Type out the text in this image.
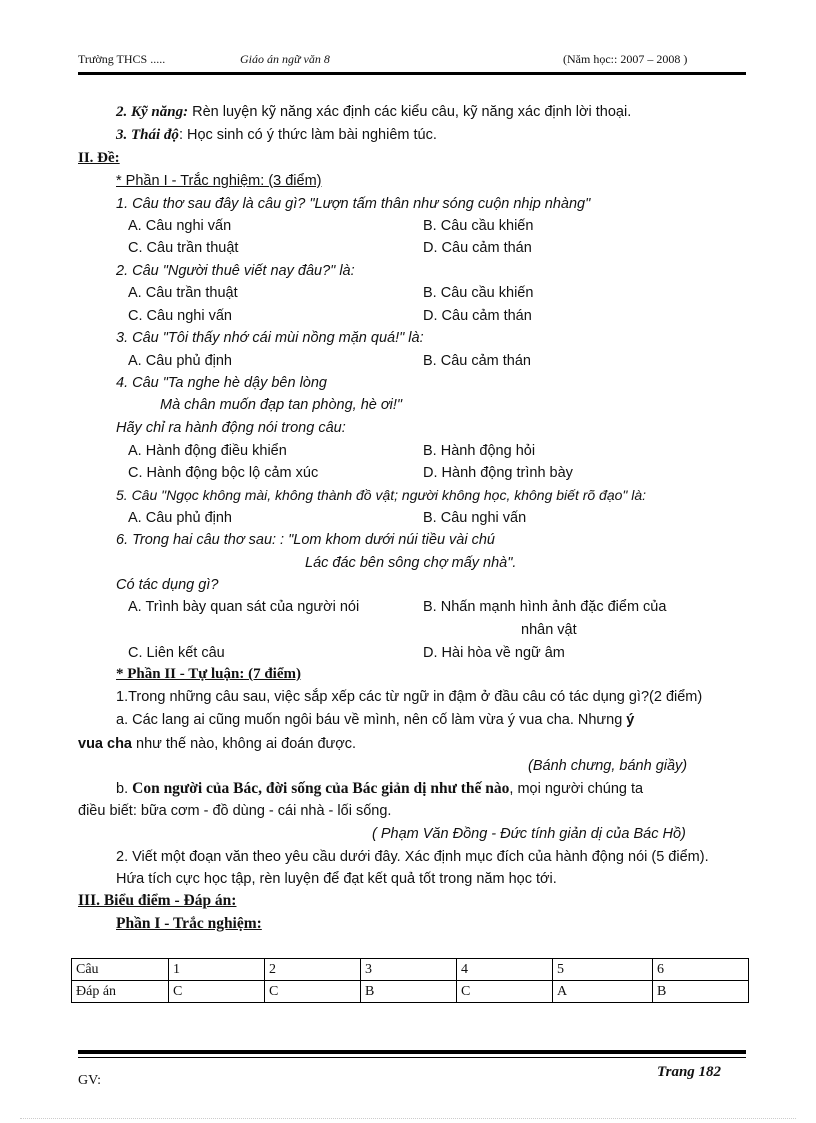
Trường THCS .....	Giáo án ngữ văn 8	(Năm học:: 2007 – 2008 )
2. Kỹ năng: Rèn luyện kỹ năng xác định các kiểu câu, kỹ năng xác định lời thoại.
3. Thái độ: Học sinh có ý thức làm bài nghiêm túc.
II. Đề:
* Phần I - Trắc nghiệm: (3 điểm)
1. Câu thơ sau đây là câu gì? "Lượn tấm thân như sóng cuộn nhịp nhàng"
A. Câu nghi vấn	B. Câu cầu khiến
C. Câu trần thuật	D. Câu cảm thán
2. Câu "Người thuê viết nay đâu?" là:
A. Câu trần thuật	B. Câu cầu khiến
C. Câu nghi vấn	D. Câu cảm thán
3. Câu "Tôi thấy nhớ cái mùi nồng mặn quá!" là:
A. Câu phủ định	B. Câu cảm thán
4. Câu "Ta nghe hè dậy bên lòng
Mà chân muốn đạp tan phòng, hè ơi!"
Hãy chỉ ra hành động nói trong câu:
A. Hành động điều khiển	B. Hành động hỏi
C. Hành động bộc lộ cảm xúc	D. Hành động trình bày
5. Câu "Ngọc không mài, không thành đồ vật; người không học, không biết rõ đạo" là:
A. Câu phủ định	B. Câu nghi vấn
6. Trong hai câu thơ sau: : "Lom khom dưới núi tiều vài chú
Lác đác bên sông chợ mấy nhà".
Có tác dụng gì?
A. Trình bày quan sát của người nói	B. Nhấn mạnh hình ảnh đặc điểm của
nhân vật
C. Liên kết câu	D. Hài hòa về ngữ âm
* Phần II - Tự luận: (7 điểm)
1.Trong những câu sau, việc sắp xếp các từ ngữ in đậm ở đầu câu có tác dụng gì?(2 điểm)
a. Các lang ai cũng muốn ngôi báu về mình, nên cố làm vừa ý vua cha. Nhưng ý
vua cha như thế nào, không ai đoán được.
(Bánh chưng, bánh giầy)
b. Con người của Bác, đời sống của Bác giản dị như thế nào, mọi người chúng ta
điều biết: bữa cơm - đồ dùng - cái nhà - lối sống.
( Phạm Văn Đồng - Đức tính giản dị của Bác Hồ)
2. Viết một đoạn văn theo yêu cầu dưới đây. Xác định mục đích của hành động nói (5 điểm).
Hứa tích cực học tập, rèn luyện để đạt kết quả tốt trong năm học tới.
III. Biểu điểm - Đáp án:
Phần I - Trắc nghiệm:
Câu	1	2	3	4	5	6
Đáp án	C	C	B	C	A	B
Trang 182
GV:
